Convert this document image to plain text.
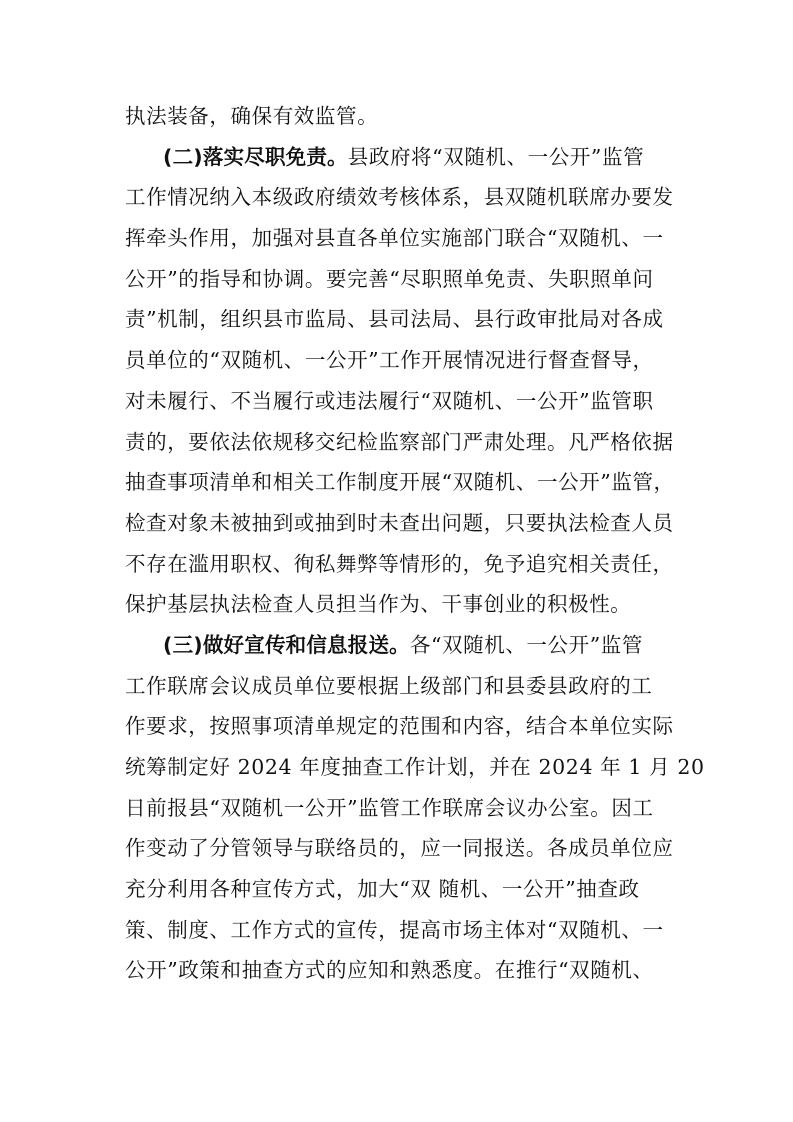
执法装备，确保有效监管。
(二)落实尽职免责。县政府将“双随机、一公开”监管
工作情况纳入本级政府绩效考核体系，县双随机联席办要发
挥牵头作用，加强对县直各单位实施部门联合“双随机、一
公开”的指导和协调。要完善“尽职照单免责、失职照单问
责”机制，组织县市监局、县司法局、县行政审批局对各成
员单位的“双随机、一公开”工作开展情况进行督查督导，
对未履行、不当履行或违法履行“双随机、一公开”监管职
责的，要依法依规移交纪检监察部门严肃处理。凡严格依据
抽查事项清单和相关工作制度开展“双随机、一公开”监管，
检查对象未被抽到或抽到时未查出问题，只要执法检查人员
不存在滥用职权、徇私舞弊等情形的，免予追究相关责任，
保护基层执法检查人员担当作为、干事创业的积极性。
(三)做好宣传和信息报送。各“双随机、一公开”监管
工作联席会议成员单位要根据上级部门和县委县政府的工
作要求，按照事项清单规定的范围和内容，结合本单位实际
统筹制定好 2024 年度抽查工作计划，并在 2024 年 1 月 20
日前报县“双随机一公开”监管工作联席会议办公室。因工
作变动了分管领导与联络员的，应一同报送。各成员单位应
充分利用各种宣传方式，加大“双 随机、一公开”抽查政
策、制度、工作方式的宣传，提高市场主体对“双随机、一
公开”政策和抽查方式的应知和熟悉度。在推行“双随机、
